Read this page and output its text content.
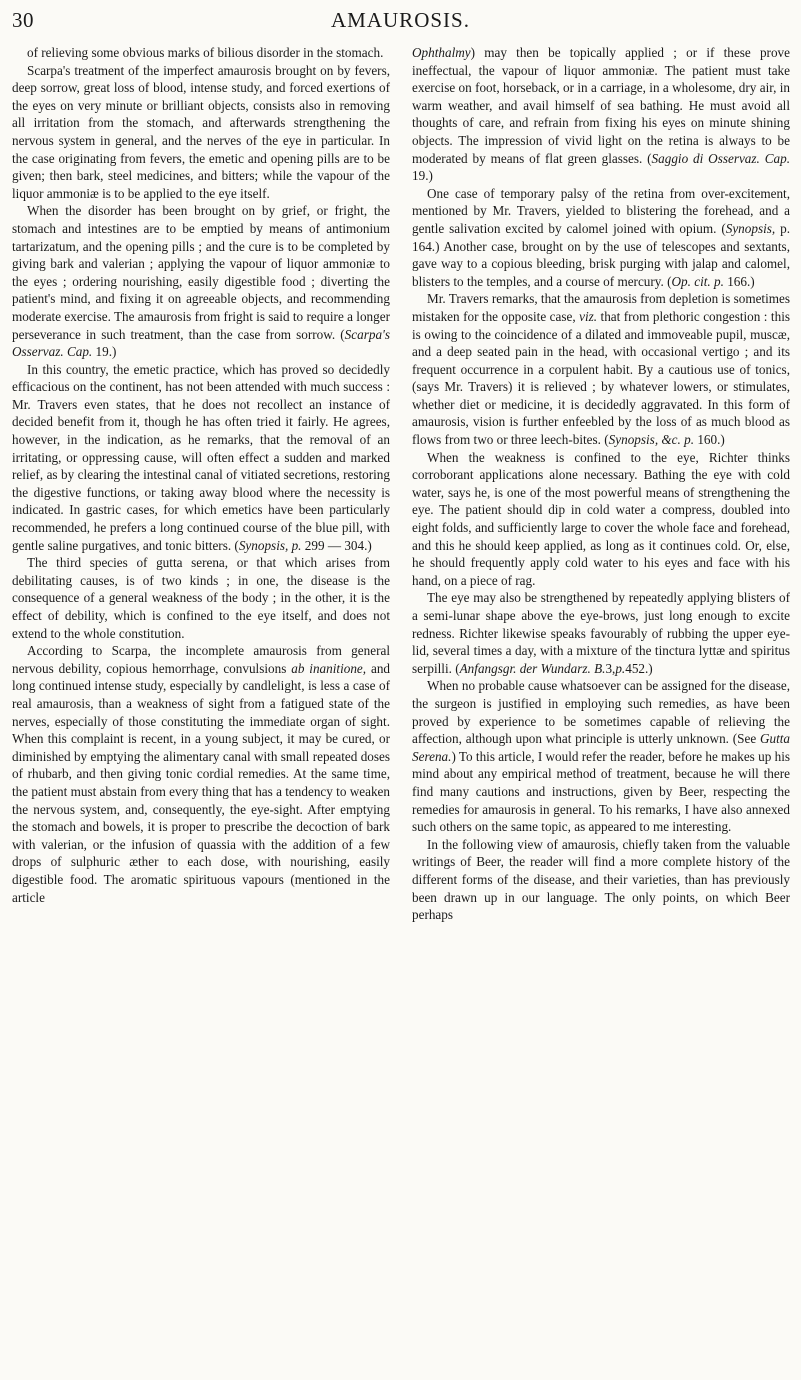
30	AMAUROSIS.

of relieving some obvious marks of bilious disorder in the stomach.

Scarpa's treatment of the imperfect amaurosis brought on by fevers, deep sorrow, great loss of blood, intense study, and forced exertions of the eyes on very minute or brilliant objects, consists also in removing all irritation from the stomach, and afterwards strengthening the nervous system in general, and the nerves of the eye in particular. In the case originating from fevers, the emetic and opening pills are to be given; then bark, steel medicines, and bitters; while the vapour of the liquor ammoniæ is to be applied to the eye itself.

When the disorder has been brought on by grief, or fright, the stomach and intestines are to be emptied by means of antimonium tartarizatum, and the opening pills ; and the cure is to be completed by giving bark and valerian ; applying the vapour of liquor ammoniæ to the eyes ; ordering nourishing, easily digestible food ; diverting the patient's mind, and fixing it on agreeable objects, and recommending moderate exercise. The amaurosis from fright is said to require a longer perseverance in such treatment, than the case from sorrow. (Scarpa's Osservaz. Cap. 19.)

In this country, the emetic practice, which has proved so decidedly efficacious on the continent, has not been attended with much success : Mr. Travers even states, that he does not recollect an instance of decided benefit from it, though he has often tried it fairly. He agrees, however, in the indication, as he remarks, that the removal of an irritating, or oppressing cause, will often effect a sudden and marked relief, as by clearing the intestinal canal of vitiated secretions, restoring the digestive functions, or taking away blood where the necessity is indicated. In gastric cases, for which emetics have been particularly recommended, he prefers a long continued course of the blue pill, with gentle saline purgatives, and tonic bitters. (Synopsis, p. 299 — 304.)

The third species of gutta serena, or that which arises from debilitating causes, is of two kinds ; in one, the disease is the consequence of a general weakness of the body ; in the other, it is the effect of debility, which is confined to the eye itself, and does not extend to the whole constitution.

According to Scarpa, the incomplete amaurosis from general nervous debility, copious hemorrhage, convulsions ab inanitione, and long continued intense study, especially by candlelight, is less a case of real amaurosis, than a weakness of sight from a fatigued state of the nerves, especially of those constituting the immediate organ of sight. When this complaint is recent, in a young subject, it may be cured, or diminished by emptying the alimentary canal with small repeated doses of rhubarb, and then giving tonic cordial remedies. At the same time, the patient must abstain from every thing that has a tendency to weaken the nervous system, and, consequently, the eye-sight. After emptying the stomach and bowels, it is proper to prescribe the decoction of bark with valerian, or the infusion of quassia with the addition of a few drops of sulphuric æther to each dose, with nourishing, easily digestible food. The aromatic spirituous vapours (mentioned in the article

Ophthalmy) may then be topically applied ; or if these prove ineffectual, the vapour of liquor ammoniæ. The patient must take exercise on foot, horseback, or in a carriage, in a wholesome, dry air, in warm weather, and avail himself of sea bathing. He must avoid all thoughts of care, and refrain from fixing his eyes on minute shining objects. The impression of vivid light on the retina is always to be moderated by means of flat green glasses. (Saggio di Osservaz. Cap. 19.)

One case of temporary palsy of the retina from over-excitement, mentioned by Mr. Travers, yielded to blistering the forehead, and a gentle salivation excited by calomel joined with opium. (Synopsis, p. 164.) Another case, brought on by the use of telescopes and sextants, gave way to a copious bleeding, brisk purging with jalap and calomel, blisters to the temples, and a course of mercury. (Op. cit. p. 166.)

Mr. Travers remarks, that the amaurosis from depletion is sometimes mistaken for the opposite case, viz. that from plethoric congestion : this is owing to the coincidence of a dilated and immoveable pupil, muscæ, and a deep seated pain in the head, with occasional vertigo ; and its frequent occurrence in a corpulent habit. By a cautious use of tonics, (says Mr. Travers) it is relieved ; by whatever lowers, or stimulates, whether diet or medicine, it is decidedly aggravated. In this form of amaurosis, vision is further enfeebled by the loss of as much blood as flows from two or three leech-bites. (Synopsis, &c. p. 160.)

When the weakness is confined to the eye, Richter thinks corroborant applications alone necessary. Bathing the eye with cold water, says he, is one of the most powerful means of strengthening the eye. The patient should dip in cold water a compress, doubled into eight folds, and sufficiently large to cover the whole face and forehead, and this he should keep applied, as long as it continues cold. Or, else, he should frequently apply cold water to his eyes and face with his hand, on a piece of rag.

The eye may also be strengthened by repeatedly applying blisters of a semi-lunar shape above the eye-brows, just long enough to excite redness. Richter likewise speaks favourably of rubbing the upper eye-lid, several times a day, with a mixture of the tinctura lyttæ and spiritus serpilli. (Anfangsgr. der Wundarz. B.3,p.452.)

When no probable cause whatsoever can be assigned for the disease, the surgeon is justified in employing such remedies, as have been proved by experience to be sometimes capable of relieving the affection, although upon what principle is utterly unknown. (See Gutta Serena.) To this article, I would refer the reader, before he makes up his mind about any empirical method of treatment, because he will there find many cautions and instructions, given by Beer, respecting the remedies for amaurosis in general. To his remarks, I have also annexed such others on the same topic, as appeared to me interesting.

In the following view of amaurosis, chiefly taken from the valuable writings of Beer, the reader will find a more complete history of the different forms of the disease, and their varieties, than has previously been drawn up in our language. The only points, on which Beer perhaps
